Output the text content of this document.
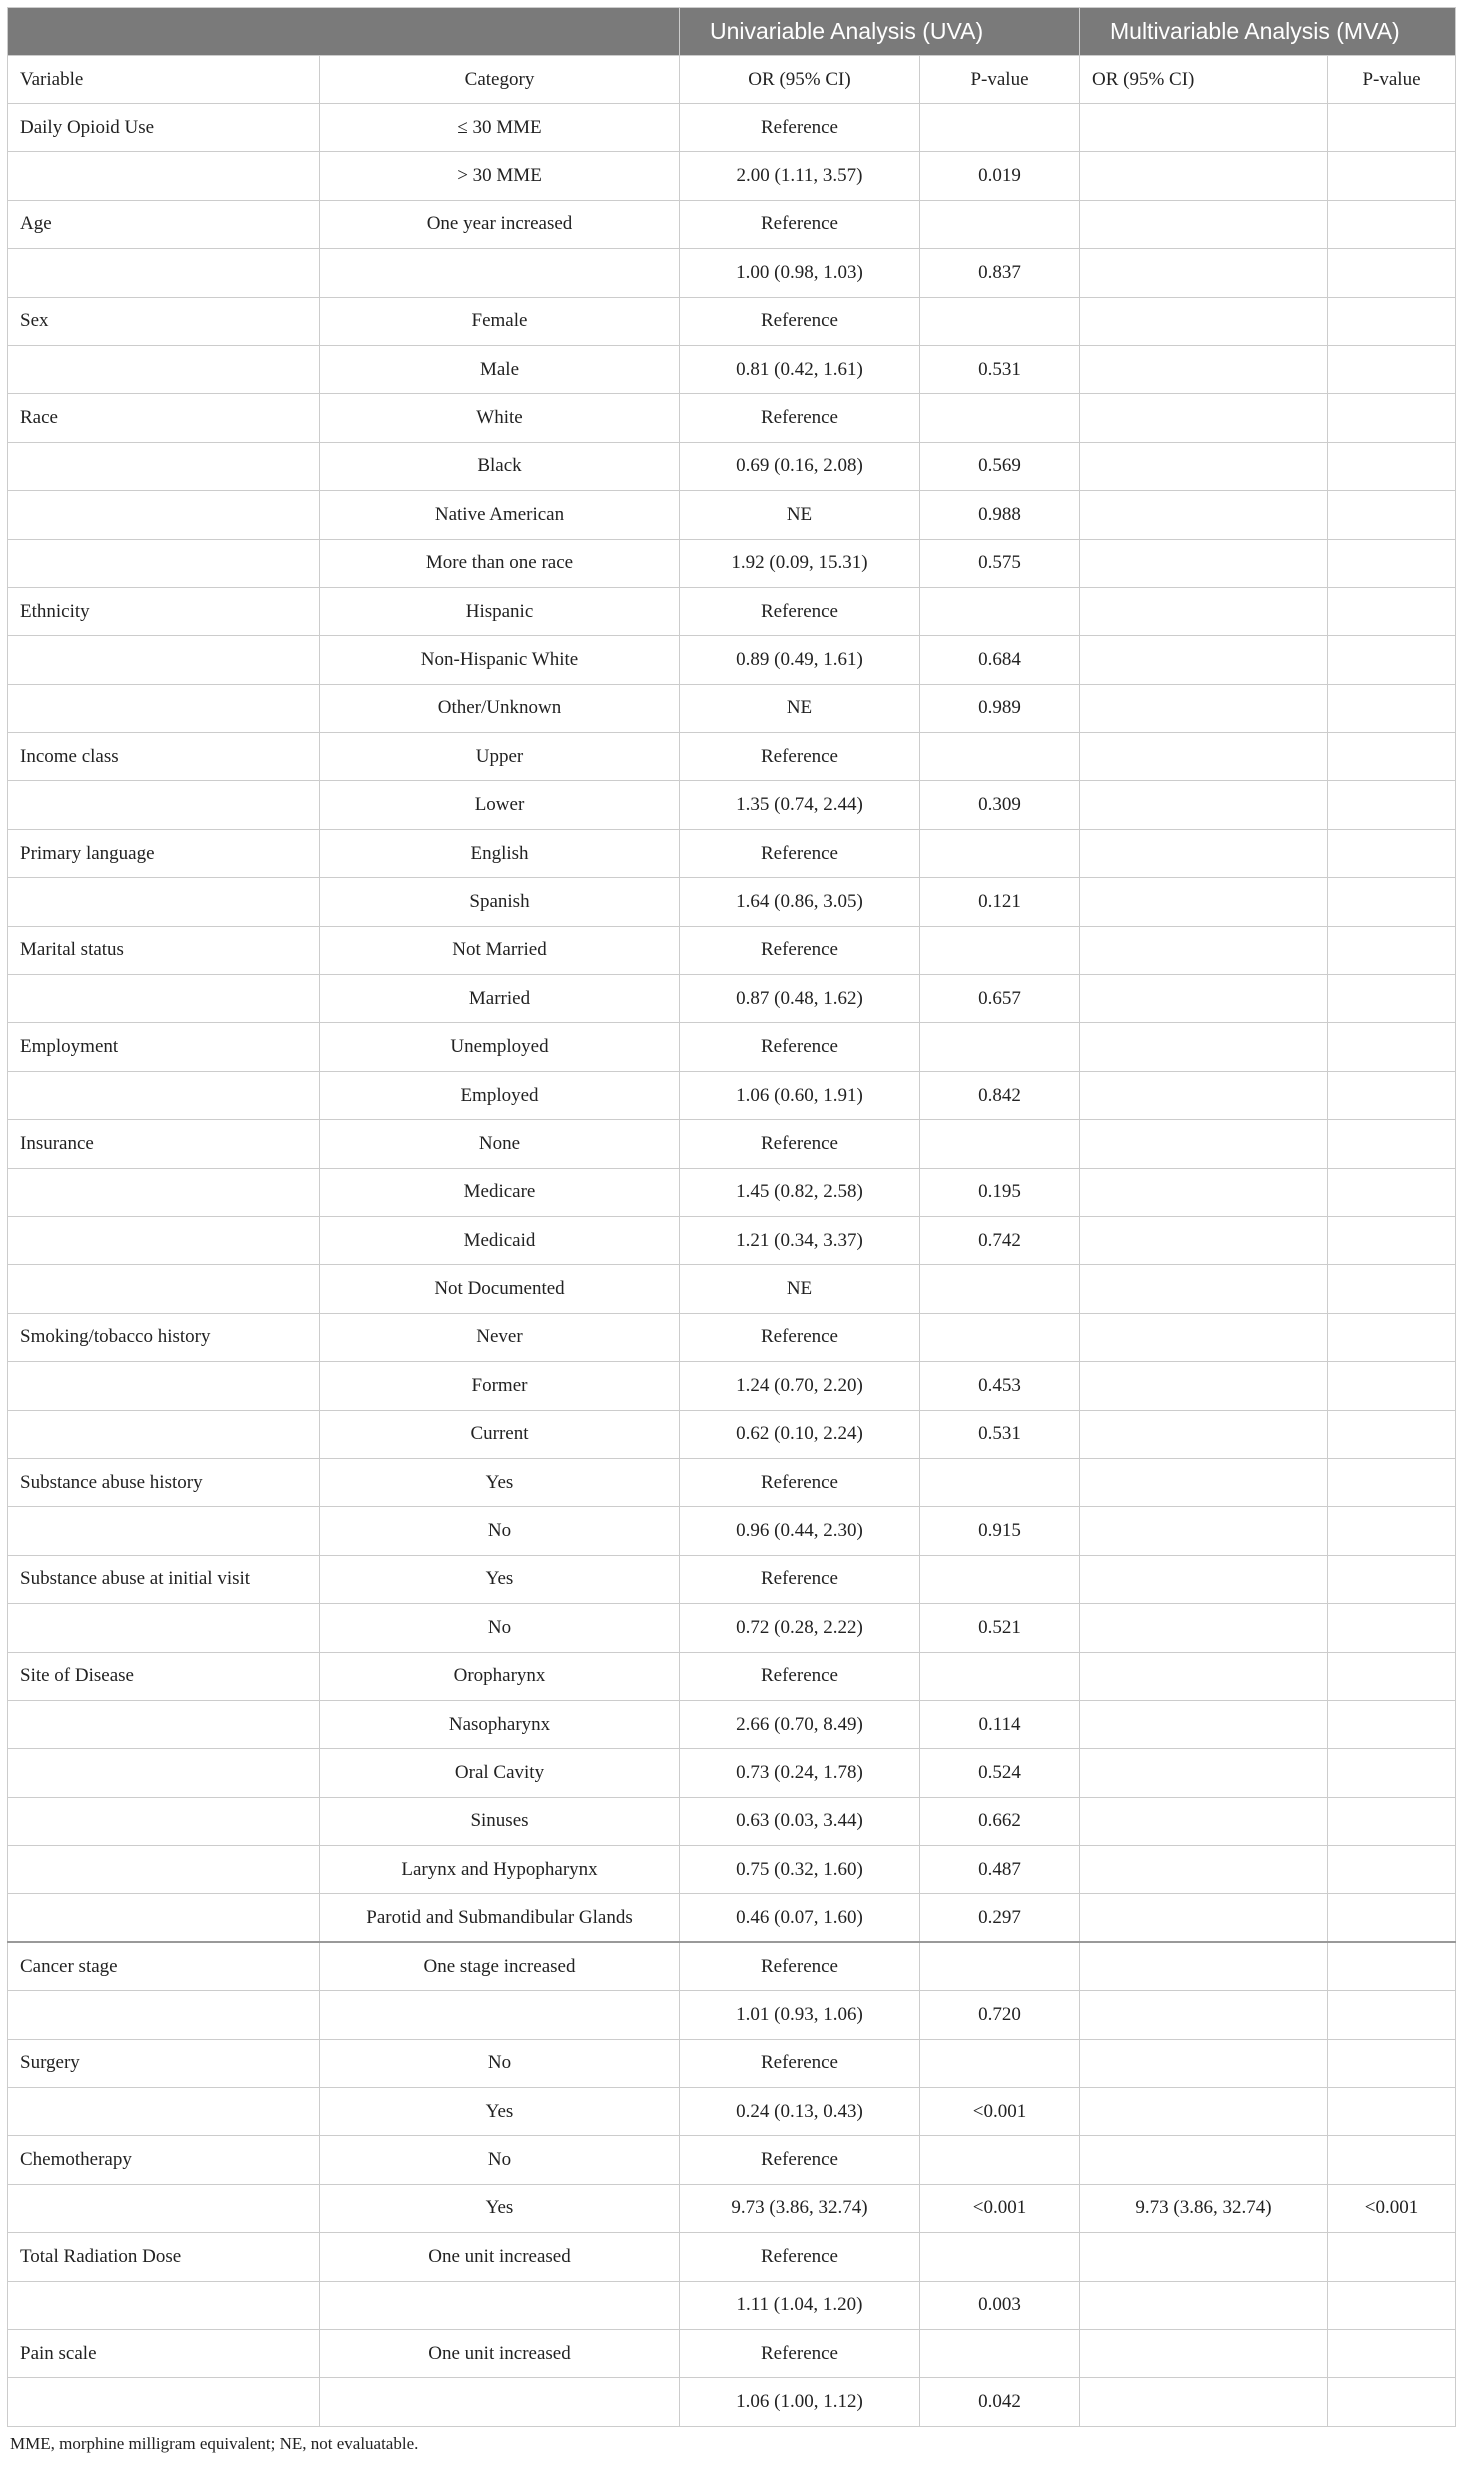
		Univariable Analysis (UVA)		Multivariable Analysis (MVA)	
Variable	Category	OR (95% CI)	P-value	OR (95% CI)	P-value
Daily Opioid Use	≤ 30 MME	Reference			
	> 30 MME	2.00 (1.11, 3.57)	0.019		
Age	One year increased	Reference			
		1.00 (0.98, 1.03)	0.837		
Sex	Female	Reference			
	Male	0.81 (0.42, 1.61)	0.531		
Race	White	Reference			
	Black	0.69 (0.16, 2.08)	0.569		
	Native American	NE	0.988		
	More than one race	1.92 (0.09, 15.31)	0.575		
Ethnicity	Hispanic	Reference			
	Non-Hispanic White	0.89 (0.49, 1.61)	0.684		
	Other/Unknown	NE	0.989		
Income class	Upper	Reference			
	Lower	1.35 (0.74, 2.44)	0.309		
Primary language	English	Reference			
	Spanish	1.64 (0.86, 3.05)	0.121		
Marital status	Not Married	Reference			
	Married	0.87 (0.48, 1.62)	0.657		
Employment	Unemployed	Reference			
	Employed	1.06 (0.60, 1.91)	0.842		
Insurance	None	Reference			
	Medicare	1.45 (0.82, 2.58)	0.195		
	Medicaid	1.21 (0.34, 3.37)	0.742		
	Not Documented	NE			
Smoking/tobacco history	Never	Reference			
	Former	1.24 (0.70, 2.20)	0.453		
	Current	0.62 (0.10, 2.24)	0.531		
Substance abuse history	Yes	Reference			
	No	0.96 (0.44, 2.30)	0.915		
Substance abuse at initial visit	Yes	Reference			
	No	0.72 (0.28, 2.22)	0.521		
Site of Disease	Oropharynx	Reference			
	Nasopharynx	2.66 (0.70, 8.49)	0.114		
	Oral Cavity	0.73 (0.24, 1.78)	0.524		
	Sinuses	0.63 (0.03, 3.44)	0.662		
	Larynx and Hypopharynx	0.75 (0.32, 1.60)	0.487		
	Parotid and Submandibular Glands	0.46 (0.07, 1.60)	0.297		
Cancer stage	One stage increased	Reference			
		1.01 (0.93, 1.06)	0.720		
Surgery	No	Reference			
	Yes	0.24 (0.13, 0.43)	<0.001		
Chemotherapy	No	Reference			
	Yes	9.73 (3.86, 32.74)	<0.001	9.73 (3.86, 32.74)	<0.001
Total Radiation Dose	One unit increased	Reference			
		1.11 (1.04, 1.20)	0.003		
Pain scale	One unit increased	Reference			
		1.06 (1.00, 1.12)	0.042		
MME, morphine milligram equivalent; NE, not evaluatable.
